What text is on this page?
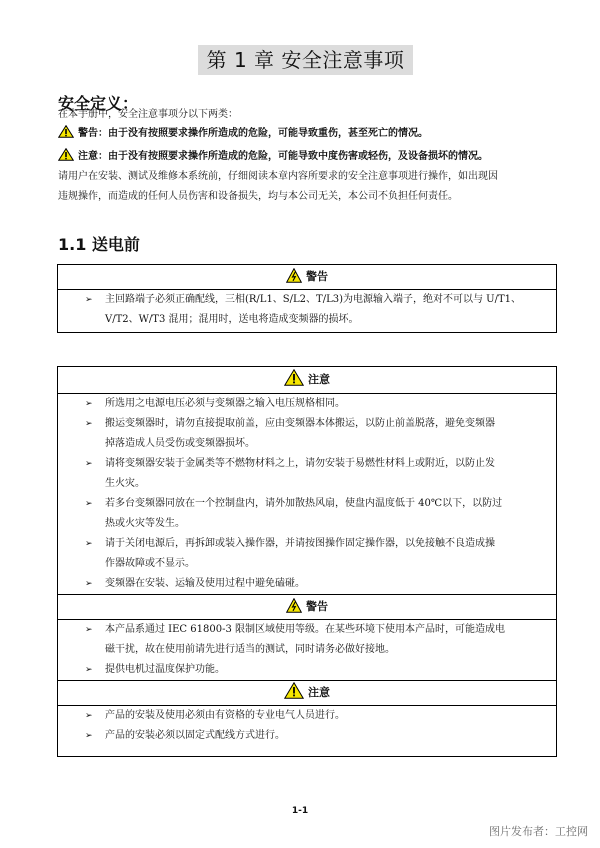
第 1 章 安全注意事项
安全定义：
在本手册中，安全注意事项分以下两类：
警告：由于没有按照要求操作所造成的危险，可能导致重伤，甚至死亡的情况。
注意：由于没有按照要求操作所造成的危险，可能导致中度伤害或轻伤，及设备损坏的情况。
请用户在安装、测试及维修本系统前，仔细阅读本章内容所要求的安全注意事项进行操作，如出现因
违规操作，而造成的任何人员伤害和设备损失，均与本公司无关，本公司不负担任何责任。
1.1 送电前
警告
➢ 主回路端子必须正确配线，三相(R/L1、S/L2、T/L3)为电源输入端子，绝对不可以与 U/T1、
V/T2、W/T3 混用；混用时，送电将造成变频器的损坏。
注意
➢ 所选用之电源电压必须与变频器之输入电压规格相同。
➢ 搬运变频器时，请勿直接提取前盖，应由变频器本体搬运，以防止前盖脱落，避免变频器
掉落造成人员受伤或变频器损坏。
➢ 请将变频器安装于金属类等不燃物材料之上，请勿安装于易燃性材料上或附近，以防止发
生火灾。
➢ 若多台变频器同放在一个控制盘内，请外加散热风扇，使盘内温度低于 40℃以下，以防过
热或火灾等发生。
➢ 请于关闭电源后，再拆卸或装入操作器，并请按图操作固定操作器，以免接触不良造成操
作器故障或不显示。
➢ 变频器在安装、运输及使用过程中避免磕碰。
警告
➢ 本产品系通过 IEC 61800-3 限制区域使用等级。在某些环境下使用本产品时，可能造成电
磁干扰，故在使用前请先进行适当的测试，同时请务必做好接地。
➢ 提供电机过温度保护功能。
注意
➢ 产品的安装及使用必须由有资格的专业电气人员进行。
➢ 产品的安装必须以固定式配线方式进行。
1-1
图片发布者：工控网
